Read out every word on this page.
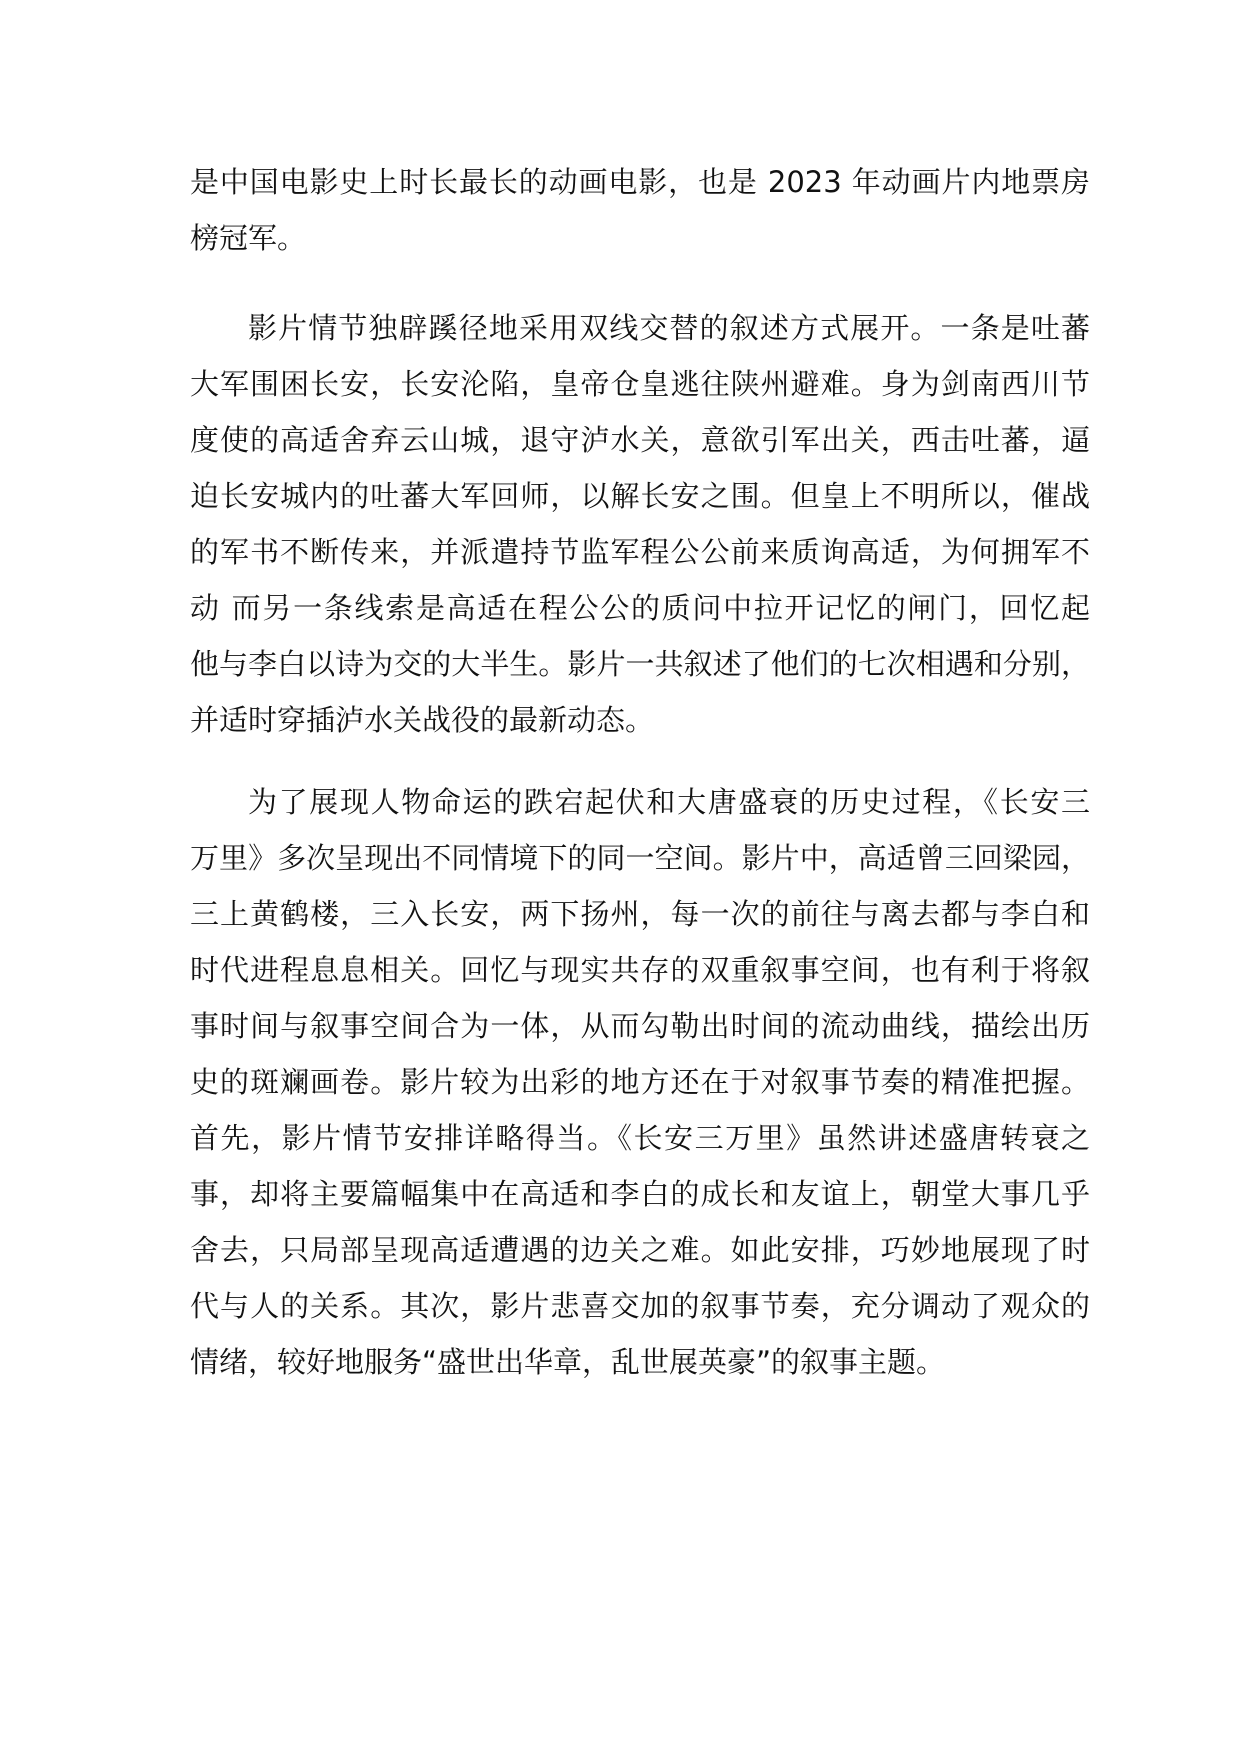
是中国电影史上时长最长的动画电影，也是 2023 年动画片内地票房
榜冠军。
影片情节独辟蹊径地采用双线交替的叙述方式展开。一条是吐蕃
大军围困长安，长安沦陷，皇帝仓皇逃往陕州避难。身为剑南西川节
度使的高适舍弃云山城，退守泸水关，意欲引军出关，西击吐蕃，逼
迫长安城内的吐蕃大军回师，以解长安之围。但皇上不明所以，催战
的军书不断传来，并派遣持节监军程公公前来质询高适，为何拥军不
动 而另一条线索是高适在程公公的质问中拉开记忆的闸门，回忆起
他与李白以诗为交的大半生。影片一共叙述了他们的七次相遇和分别，
并适时穿插泸水关战役的最新动态。
为了展现人物命运的跌宕起伏和大唐盛衰的历史过程，《长安三
万里》多次呈现出不同情境下的同一空间。影片中，高适曾三回梁园，
三上黄鹤楼，三入长安，两下扬州，每一次的前往与离去都与李白和
时代进程息息相关。回忆与现实共存的双重叙事空间，也有利于将叙
事时间与叙事空间合为一体，从而勾勒出时间的流动曲线，描绘出历
史的斑斓画卷。影片较为出彩的地方还在于对叙事节奏的精准把握。
首先，影片情节安排详略得当。《长安三万里》虽然讲述盛唐转衰之
事，却将主要篇幅集中在高适和李白的成长和友谊上，朝堂大事几乎
舍去，只局部呈现高适遭遇的边关之难。如此安排，巧妙地展现了时
代与人的关系。其次，影片悲喜交加的叙事节奏，充分调动了观众的
情绪，较好地服务“盛世出华章，乱世展英豪”的叙事主题。
